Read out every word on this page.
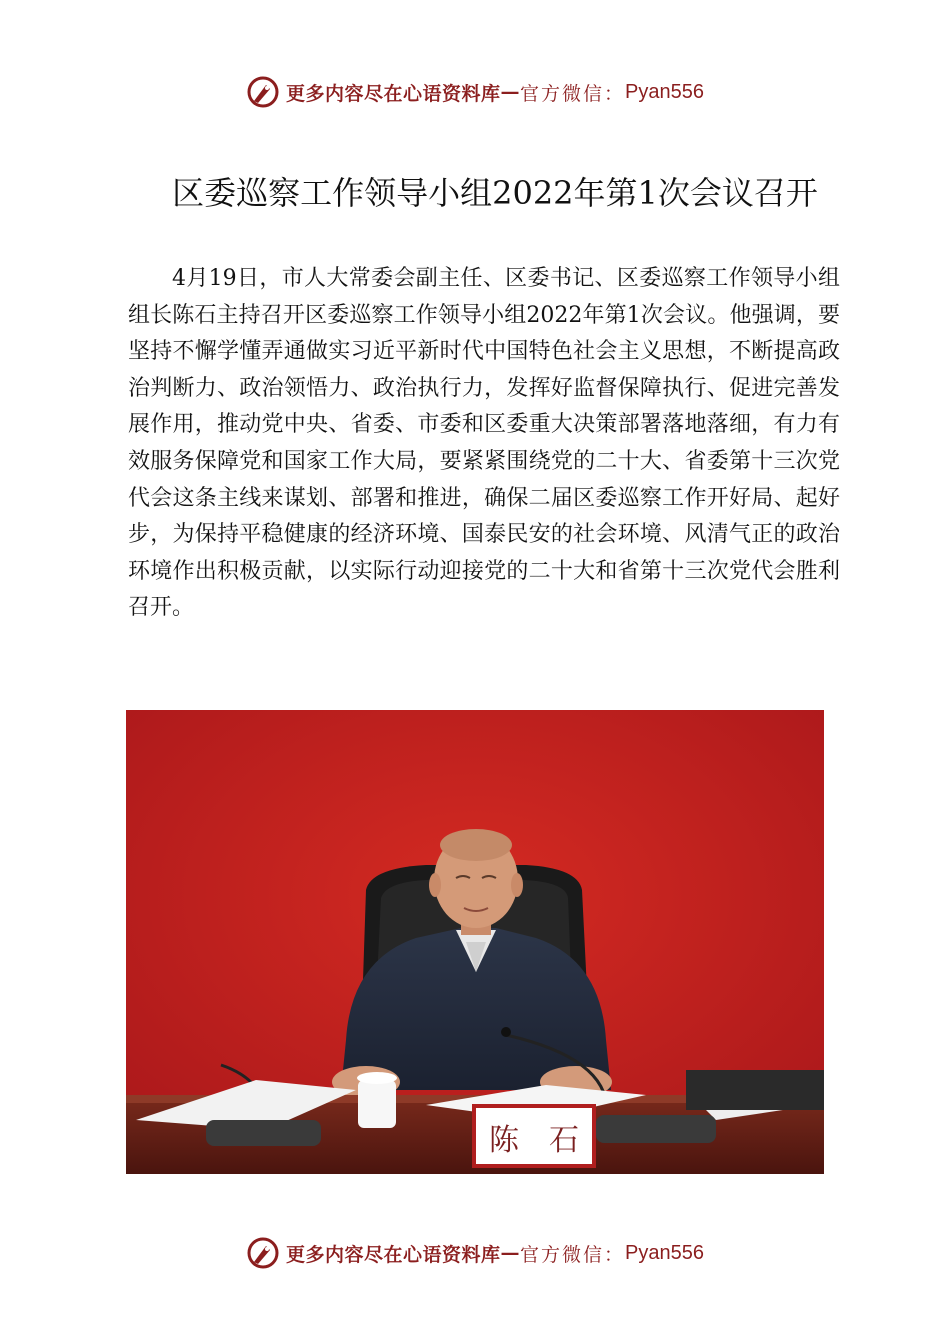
更多内容尽在心语资料库 — 官方微信： Pyan556
区委巡察工作领导小组2022年第1次会议召开

4月19日，市人大常委会副主任、区委书记、区委巡察工作领导小组组长陈石主持召开区委巡察工作领导小组2022年第1次会议。他强调，要坚持不懈学懂弄通做实习近平新时代中国特色社会主义思想，不断提高政治判断力、政治领悟力、政治执行力，发挥好监督保障执行、促进完善发展作用，推动党中央、省委、市委和区委重大决策部署落地落细，有力有效服务保障党和国家工作大局，要紧紧围绕党的二十大、省委第十三次党代会这条主线来谋划、部署和推进，确保二届区委巡察工作开好局、起好步，为保持平稳健康的经济环境、国泰民安的社会环境、风清气正的政治环境作出积极贡献，以实际行动迎接党的二十大和省第十三次党代会胜利召开。

陈　石
更多内容尽在心语资料库 — 官方微信： Pyan556
